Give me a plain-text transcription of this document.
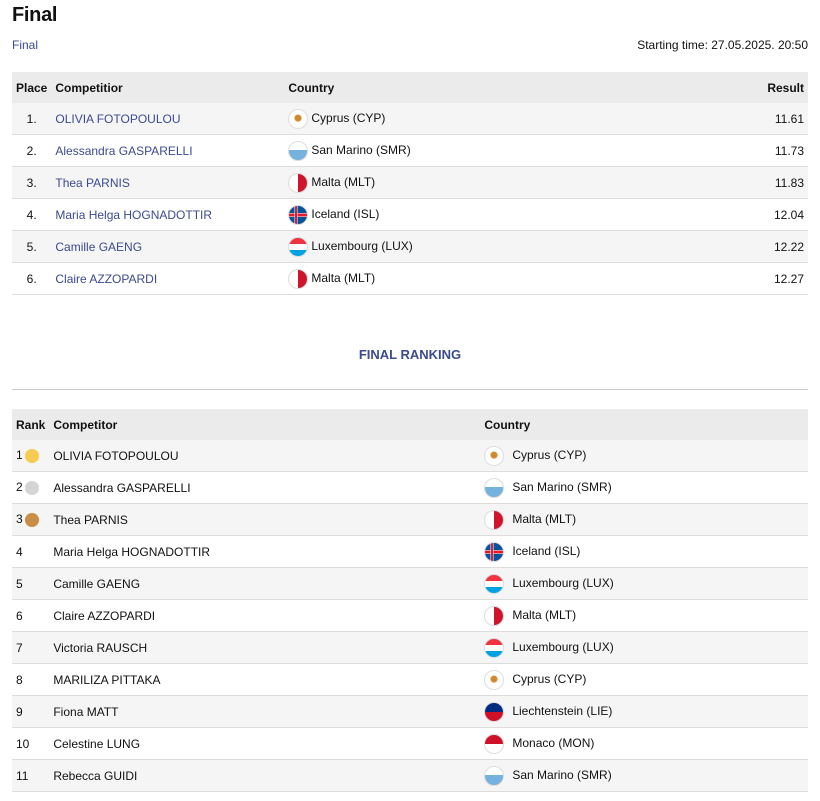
Final
Final	Starting time: 27.05.2025. 20:50
Place	Competitior	Country	Result
1.	OLIVIA FOTOPOULOU	Cyprus (CYP)	11.61
2.	Alessandra GASPARELLI	San Marino (SMR)	11.73
3.	Thea PARNIS	Malta (MLT)	11.83
4.	Maria Helga HOGNADOTTIR	Iceland (ISL)	12.04
5.	Camille GAENG	Luxembourg (LUX)	12.22
6.	Claire AZZOPARDI	Malta (MLT)	12.27
FINAL RANKING
Rank	Competitor	Country
1	OLIVIA FOTOPOULOU	Cyprus (CYP)
2	Alessandra GASPARELLI	San Marino (SMR)
3	Thea PARNIS	Malta (MLT)
4	Maria Helga HOGNADOTTIR	Iceland (ISL)
5	Camille GAENG	Luxembourg (LUX)
6	Claire AZZOPARDI	Malta (MLT)
7	Victoria RAUSCH	Luxembourg (LUX)
8	MARILIZA PITTAKA	Cyprus (CYP)
9	Fiona MATT	Liechtenstein (LIE)
10	Celestine LUNG	Monaco (MON)
11	Rebecca GUIDI	San Marino (SMR)
